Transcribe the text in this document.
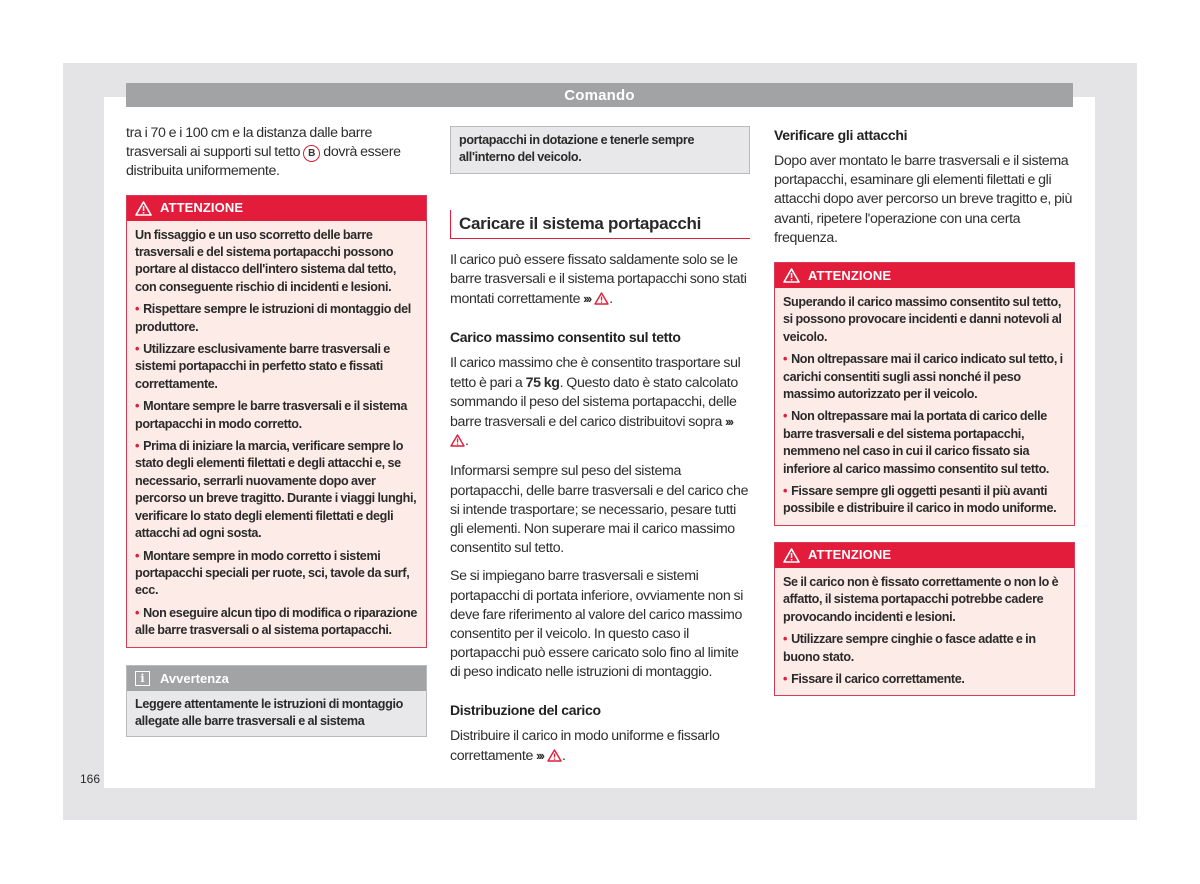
Comando

tra i 70 e i 100 cm e la distanza dalle barre trasversali ai supporti sul tetto B dovrà essere distribuita uniformemente.

ATTENZIONE

Un fissaggio e un uso scorretto delle barre trasversali e del sistema portapacchi possono portare al distacco dell'intero sistema dal tetto, con conseguente rischio di incidenti e lesioni.

• Rispettare sempre le istruzioni di montaggio del produttore.

• Utilizzare esclusivamente barre trasversali e sistemi portapacchi in perfetto stato e fissati correttamente.

• Montare sempre le barre trasversali e il sistema portapacchi in modo corretto.

• Prima di iniziare la marcia, verificare sempre lo stato degli elementi filettati e degli attacchi e, se necessario, serrarli nuovamente dopo aver percorso un breve tragitto. Durante i viaggi lunghi, verificare lo stato degli elementi filettati e degli attacchi ad ogni sosta.

• Montare sempre in modo corretto i sistemi portapacchi speciali per ruote, sci, tavole da surf, ecc.

• Non eseguire alcun tipo di modifica o riparazione alle barre trasversali o al sistema portapacchi.

i	Avvertenza

Leggere attentamente le istruzioni di montaggio allegate alle barre trasversali e al sistema

portapacchi in dotazione e tenerle sempre all'interno del veicolo.

Caricare il sistema portapacchi

Il carico può essere fissato saldamente solo se le barre trasversali e il sistema portapacchi sono stati montati correttamente ››› .

Carico massimo consentito sul tetto

Il carico massimo che è consentito trasportare sul tetto è pari a 75 kg. Questo dato è stato calcolato sommando il peso del sistema portapacchi, delle barre trasversali e del carico distribuitovi sopra ›››.

Informarsi sempre sul peso del sistema portapacchi, delle barre trasversali e del carico che si intende trasportare; se necessario, pesare tutti gli elementi. Non superare mai il carico massimo consentito sul tetto.

Se si impiegano barre trasversali e sistemi portapacchi di portata inferiore, ovviamente non si deve fare riferimento al valore del carico massimo consentito per il veicolo. In questo caso il portapacchi può essere caricato solo fino al limite di peso indicato nelle istruzioni di montaggio.

Distribuzione del carico

Distribuire il carico in modo uniforme e fissarlo correttamente ››› .

Verificare gli attacchi

Dopo aver montato le barre trasversali e il sistema portapacchi, esaminare gli elementi filettati e gli attacchi dopo aver percorso un breve tragitto e, più avanti, ripetere l'operazione con una certa frequenza.

ATTENZIONE

Superando il carico massimo consentito sul tetto, si possono provocare incidenti e danni notevoli al veicolo.

• Non oltrepassare mai il carico indicato sul tetto, i carichi consentiti sugli assi nonché il peso massimo autorizzato per il veicolo.

• Non oltrepassare mai la portata di carico delle barre trasversali e del sistema portapacchi, nemmeno nel caso in cui il carico fissato sia inferiore al carico massimo consentito sul tetto.

• Fissare sempre gli oggetti pesanti il più avanti possibile e distribuire il carico in modo uniforme.

ATTENZIONE

Se il carico non è fissato correttamente o non lo è affatto, il sistema portapacchi potrebbe cadere provocando incidenti e lesioni.

• Utilizzare sempre cinghie o fasce adatte e in buono stato.

• Fissare il carico correttamente.

166
